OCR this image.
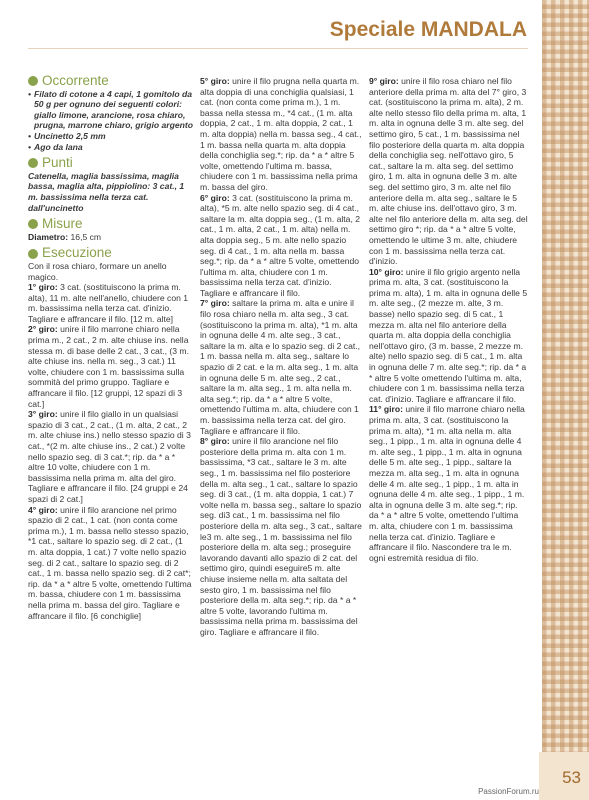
53
Speciale MANDALA
Occorrente
• Filato di cotone a 4 capi, 1 gomitolo da 50 g per ognuno dei seguenti colori: giallo limone, arancione, rosa chiaro, prugna, marrone chiaro, grigio argento
• Uncinetto 2,5 mm
• Ago da lana
Punti

Catenella, maglia bassissima, maglia bassa, maglia alta, pippiolino: 3 cat., 1 m. bassissima nella terza cat. dall'uncinetto

Misure

Diametro: 16,5 cm

Esecuzione

Con il rosa chiaro, formare un anello magico.

1° giro: 3 cat. (sostituiscono la prima m. alta), 11 m. alte nell'anello, chiudere con 1 m. bassissima nella terza cat. d'inizio. Tagliare e affrancare il filo. [12 m. alte]

2° giro: unire il filo marrone chiaro nella prima m., 2 cat., 2 m. alte chiuse ins. nella stessa m. di base delle 2 cat., 3 cat., (3 m. alte chiuse ins. nella m. seg., 3 cat.) 11 volte, chiudere con 1 m. bassissima sulla sommità del primo gruppo. Tagliare e affrancare il filo. [12 gruppi, 12 spazi di 3 cat.]

3° giro: unire il filo giallo in un qualsiasi spazio di 3 cat., 2 cat., (1 m. alta, 2 cat., 2 m. alte chiuse ins.) nello stesso spazio di 3 cat., *(2 m. alte chiuse ins., 2 cat.) 2 volte nello spazio seg. di 3 cat.*; rip. da * a * altre 10 volte, chiudere con 1 m. bassissima nella prima m. alta del giro. Tagliare e affrancare il filo. [24 gruppi e 24 spazi di 2 cat.]

4° giro: unire il filo arancione nel primo spazio di 2 cat., 1 cat. (non conta come prima m.), 1 m. bassa nello stesso spazio, *1 cat., saltare lo spazio seg. di 2 cat., (1 m. alta doppia, 1 cat.) 7 volte nello spazio seg. di 2 cat., saltare lo spazio seg. di 2 cat., 1 m. bassa nello spazio seg. di 2 cat*; rip. da * a * altre 5 volte, omettendo l'ultima m. bassa, chiudere con 1 m. bassissima nella prima m. bassa del giro. Tagliare e affrancare il filo. [6 conchiglie]

5° giro: unire il filo prugna nella quarta m. alta doppia di una conchiglia qualsiasi, 1 cat. (non conta come prima m.), 1 m. bassa nella stessa m., *4 cat., (1 m. alta doppia, 2 cat., 1 m. alta doppia, 2 cat., 1 m. alta doppia) nella m. bassa seg., 4 cat., 1 m. bassa nella quarta m. alta doppia della conchiglia seg.*; rip. da * a * altre 5 volte, omettendo l'ultima m. bassa, chiudere con 1 m. bassissima nella prima m. bassa del giro.

6° giro: 3 cat. (sostituiscono la prima m. alta), *5 m. alte nello spazio seg. di 4 cat., saltare la m. alta doppia seg., (1 m. alta, 2 cat., 1 m. alta, 2 cat., 1 m. alta) nella m. alta doppia seg., 5 m. alte nello spazio seg. di 4 cat., 1 m. alta nella m. bassa seg.*; rip. da * a * altre 5 volte, omettendo l'ultima m. alta, chiudere con 1 m. bassissima nella terza cat. d'inizio. Tagliare e affrancare il filo.

7° giro: saltare la prima m. alta e unire il filo rosa chiaro nella m. alta seg., 3 cat. (sostituiscono la prima m. alta), *1 m. alta in ognuna delle 4 m. alte seg., 3 cat., saltare la m. alta e lo spazio seg. di 2 cat., 1 m. bassa nella m. alta seg., saltare lo spazio di 2 cat. e la m. alta seg., 1 m. alta in ognuna delle 5 m. alte seg., 2 cat., saltare la m. alta seg., 1 m. alta nella m. alta seg.*; rip. da * a * altre 5 volte, omettendo l'ultima m. alta, chiudere con 1 m. bassissima nella terza cat. del giro. Tagliare e affrancare il filo.

8° giro: unire il filo arancione nel filo posteriore della prima m. alta con 1 m. bassissima, *3 cat., saltare le 3 m. alte seg., 1 m. bassissima nel filo posteriore della m. alta seg., 1 cat., saltare lo spazio seg. di 3 cat., (1 m. alta doppia, 1 cat.) 7 volte nella m. bassa seg., saltare lo spazio seg. di3 cat., 1 m. bassissima nel filo posteriore della m. alta seg., 3 cat., saltare le3 m. alte seg., 1 m. bassissima nel filo posteriore della m. alta seg.; proseguire lavorando davanti allo spazio di 2 cat. del settimo giro, quindi eseguire5 m. alte chiuse insieme nella m. alta saltata del sesto giro, 1 m. bassissima nel filo posteriore della m. alta seg.*; rip. da * a * altre 5 volte, lavorando l'ultima m. bassissima nella prima m. bassissima del giro. Tagliare e affrancare il filo.

9° giro: unire il filo rosa chiaro nel filo anteriore della prima m. alta del 7° giro, 3 cat. (sostituiscono la prima m. alta), 2 m. alte nello stesso filo della prima m. alta, 1 m. alta in ognuna delle 3 m. alte seg. del settimo giro, 5 cat., 1 m. bassissima nel filo posteriore della quarta m. alta doppia della conchiglia seg. nell'ottavo giro, 5 cat., saltare la m. alta seg. del settimo giro, 1 m. alta in ognuna delle 3 m. alte seg. del settimo giro, 3 m. alte nel filo anteriore della m. alta seg., saltare le 5 m. alte chiuse ins. dell'ottavo giro, 3 m. alte nel filo anteriore della m. alta seg. del settimo giro *; rip. da * a * altre 5 volte, omettendo le ultime 3 m. alte, chiudere con 1 m. bassissima nella terza cat. d'inizio.

10° giro: unire il filo grigio argento nella prima m. alta, 3 cat. (sostituiscono la prima m. alta), 1 m. alta in ognuna delle 5 m. alte seg., (2 mezze m. alte, 3 m. basse) nello spazio seg. di 5 cat., 1 mezza m. alta nel filo anteriore della quarta m. alta doppia della conchiglia nell'ottavo giro, (3 m. basse, 2 mezze m. alte) nello spazio seg. di 5 cat., 1 m. alta in ognuna delle 7 m. alte seg.*; rip. da * a * altre 5 volte omettendo l'ultima m. alta, chiudere con 1 m. bassissima nella terza cat. d'inizio. Tagliare e affrancare il filo.

11° giro: unire il filo marrone chiaro nella prima m. alta, 3 cat. (sostituiscono la prima m. alta), *1 m. alta nella m. alta seg., 1 pipp., 1 m. alta in ognuna delle 4 m. alte seg., 1 pipp., 1 m. alta in ognuna delle 5 m. alte seg., 1 pipp., saltare la mezza m. alta seg., 1 m. alta in ognuna delle 4 m. alte seg., 1 pipp., 1 m. alta in ognuna delle 4 m. alte seg., 1 pipp., 1 m. alta in ognuna delle 3 m. alte seg.*; rip. da * a * altre 5 volte, omettendo l'ultima m. alta, chiudere con 1 m. bassissima nella terza cat. d'inizio. Tagliare e affrancare il filo. Nascondere tra le m. ogni estremità residua di filo.

PassionForum.ru
